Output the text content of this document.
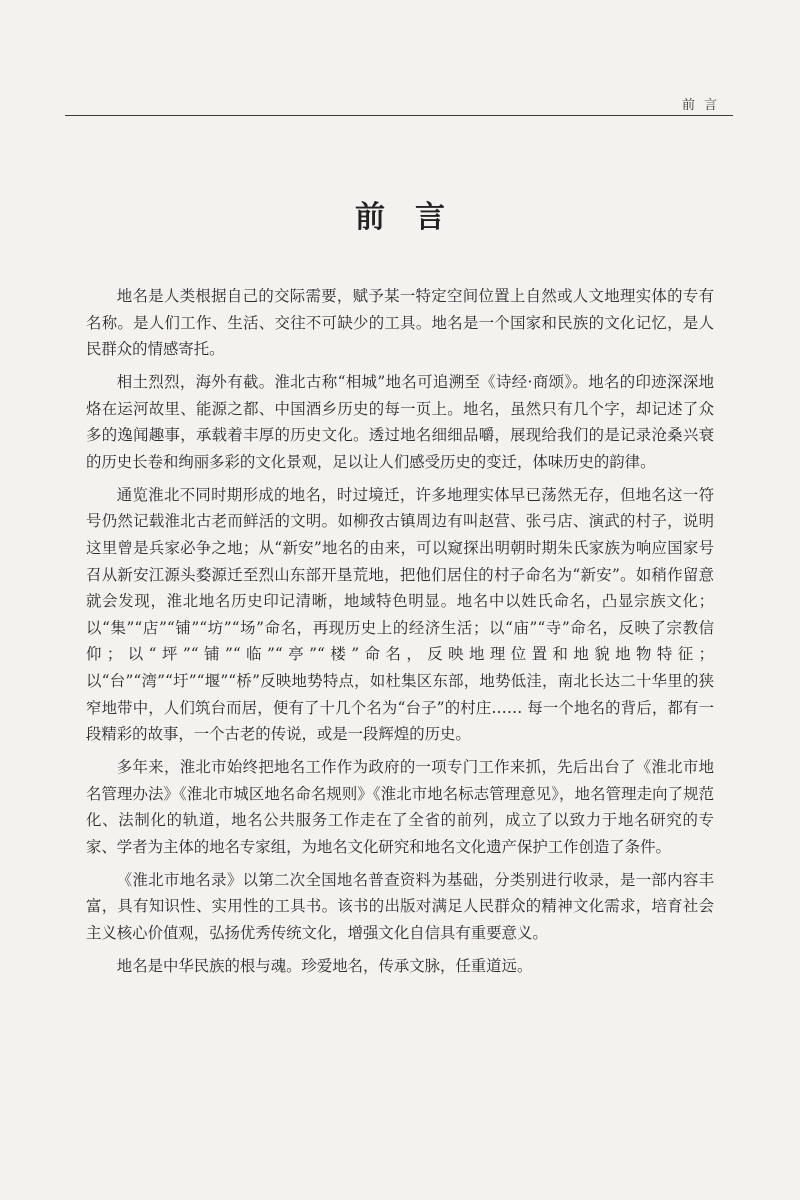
前言
前言

地名是人类根据自己的交际需要，赋予某一特定空间位置上自然或人文地理实体的专有名称。是人们工作、生活、交往不可缺少的工具。地名是一个国家和民族的文化记忆，是人民群众的情感寄托。

相土烈烈，海外有截。淮北古称“相城”地名可追溯至《诗经·商颂》。地名的印迹深深地烙在运河故里、能源之都、中国酒乡历史的每一页上。地名，虽然只有几个字，却记述了众多的逸闻趣事，承载着丰厚的历史文化。透过地名细细品嚼，展现给我们的是记录沧桑兴衰的历史长卷和绚丽多彩的文化景观，足以让人们感受历史的变迁，体味历史的韵律。

通览淮北不同时期形成的地名，时过境迁，许多地理实体早已荡然无存，但地名这一符号仍然记载淮北古老而鲜活的文明。如柳孜古镇周边有叫赵营、张弓店、演武的村子，说明这里曾是兵家必争之地；从“新安”地名的由来，可以窥探出明朝时期朱氏家族为响应国家号召从新安江源头婺源迁至烈山东部开垦荒地，把他们居住的村子命名为“新安”。如稍作留意就会发现，淮北地名历史印记清晰，地域特色明显。地名中以姓氏命名，凸显宗族文化；以“集”“店”“铺”“坊”“场”命名，再现历史上的经济生活；以“庙”“寺”命名，反映了宗教信仰；以“坪”“铺”“临”“亭”“楼”命名，反映地理位置和地貌地物特征；以“台”“湾”“圩”“堰”“桥”反映地势特点，如杜集区东部，地势低洼，南北长达二十华里的狭窄地带中，人们筑台而居，便有了十几个名为“台子”的村庄…… 每一个地名的背后，都有一段精彩的故事，一个古老的传说，或是一段辉煌的历史。

多年来，淮北市始终把地名工作作为政府的一项专门工作来抓，先后出台了《淮北市地名管理办法》《淮北市城区地名命名规则》《淮北市地名标志管理意见》，地名管理走向了规范化、法制化的轨道，地名公共服务工作走在了全省的前列，成立了以致力于地名研究的专家、学者为主体的地名专家组，为地名文化研究和地名文化遗产保护工作创造了条件。

《淮北市地名录》以第二次全国地名普查资料为基础，分类别进行收录，是一部内容丰富，具有知识性、实用性的工具书。该书的出版对满足人民群众的精神文化需求，培育社会主义核心价值观，弘扬优秀传统文化，增强文化自信具有重要意义。

地名是中华民族的根与魂。珍爱地名，传承文脉，任重道远。
